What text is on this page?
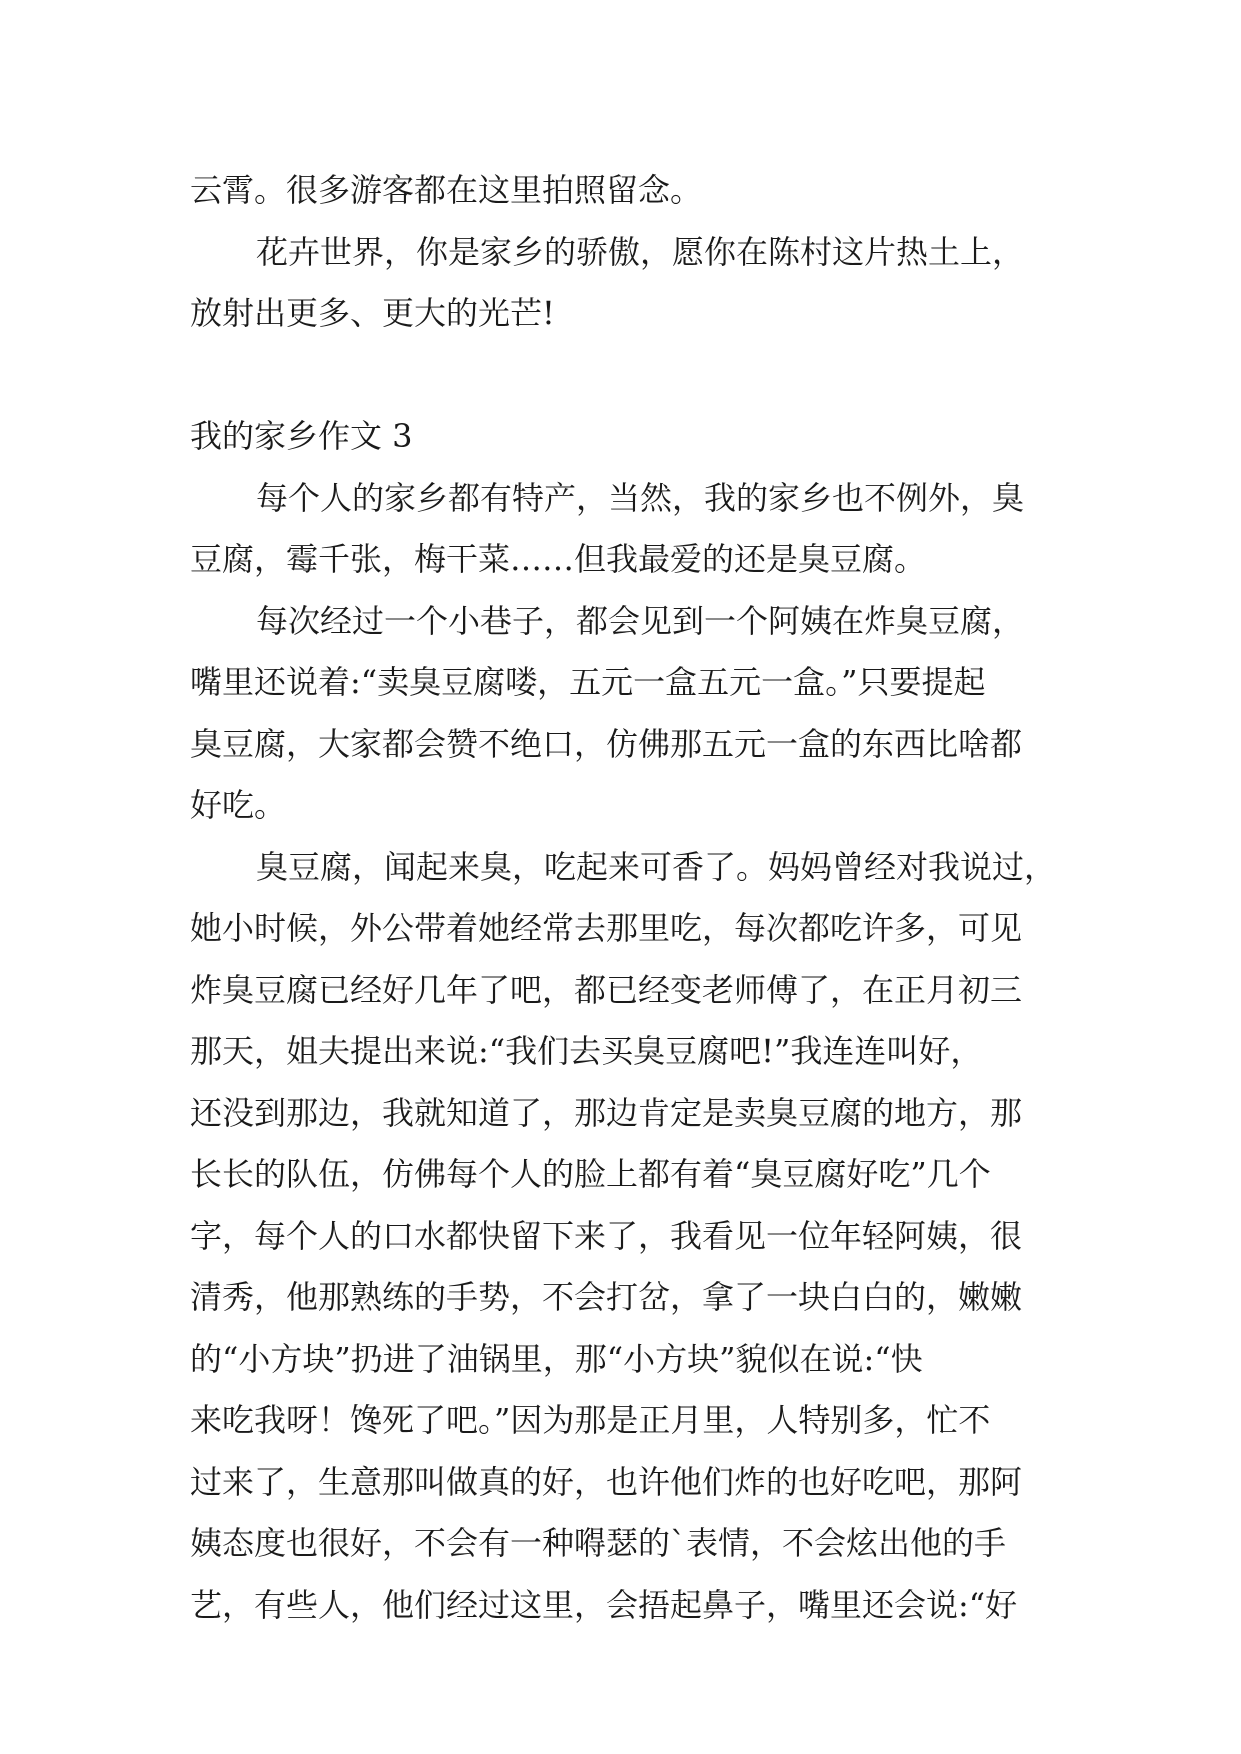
云霄。很多游客都在这里拍照留念。
花卉世界，你是家乡的骄傲，愿你在陈村这片热土上，
放射出更多、更大的光芒!
我的家乡作文 3
每个人的家乡都有特产，当然，我的家乡也不例外，臭
豆腐，霉千张，梅干菜……但我最爱的还是臭豆腐。
每次经过一个小巷子，都会见到一个阿姨在炸臭豆腐，
嘴里还说着:“卖臭豆腐喽，五元一盒五元一盒。”只要提起
臭豆腐，大家都会赞不绝口，仿佛那五元一盒的东西比啥都
好吃。
臭豆腐，闻起来臭，吃起来可香了。妈妈曾经对我说过，
她小时候，外公带着她经常去那里吃，每次都吃许多，可见
炸臭豆腐已经好几年了吧，都已经变老师傅了，在正月初三
那天，姐夫提出来说:“我们去买臭豆腐吧!”我连连叫好，
还没到那边，我就知道了，那边肯定是卖臭豆腐的地方，那
长长的队伍，仿佛每个人的脸上都有着“臭豆腐好吃”几个
字，每个人的口水都快留下来了，我看见一位年轻阿姨，很
清秀，他那熟练的手势，不会打岔，拿了一块白白的，嫩嫩
的“小方块”扔进了油锅里，那“小方块”貌似在说:“快
来吃我呀！馋死了吧。”因为那是正月里，人特别多，忙不
过来了，生意那叫做真的好，也许他们炸的也好吃吧，那阿
姨态度也很好，不会有一种嘚瑟的`表情，不会炫出他的手
艺，有些人，他们经过这里，会捂起鼻子，嘴里还会说:“好
